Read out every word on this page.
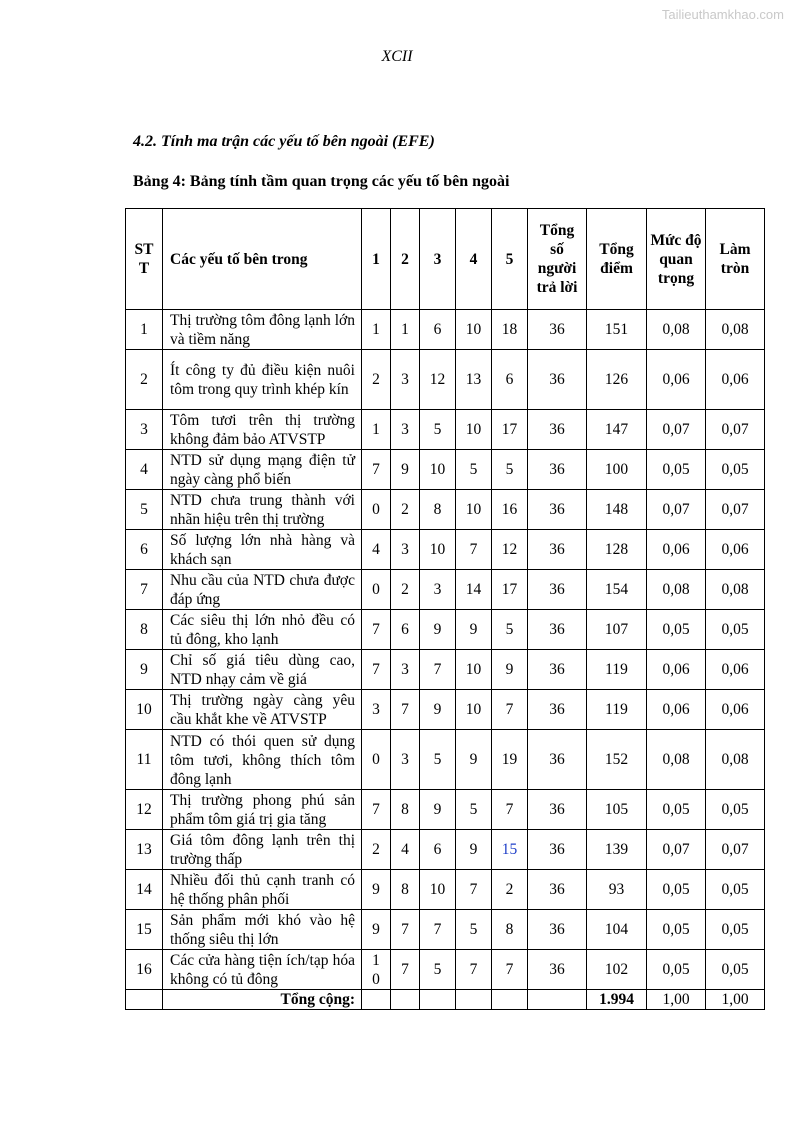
Tailieuthamkhao.com
XCII
4.2. Tính ma trận các yếu tố bên ngoài (EFE)
Bảng 4: Bảng tính tầm quan trọng các yếu tố bên ngoài
ST T	Các yếu tố bên trong	1	2	3	4	5	Tổng số người trả lời	Tổng điểm	Mức độ quan trọng	Làm tròn
1	Thị trường tôm đông lạnh lớn và tiềm năng	1	1	6	10	18	36	151	0,08	0,08
2	Ít công ty đủ điều kiện nuôi tôm trong quy trình khép kín	2	3	12	13	6	36	126	0,06	0,06
3	Tôm tươi trên thị trường không đảm bảo ATVSTP	1	3	5	10	17	36	147	0,07	0,07
4	NTD sử dụng mạng điện tử ngày càng phổ biến	7	9	10	5	5	36	100	0,05	0,05
5	NTD chưa trung thành với nhãn hiệu trên thị trường	0	2	8	10	16	36	148	0,07	0,07
6	Số lượng lớn nhà hàng và khách sạn	4	3	10	7	12	36	128	0,06	0,06
7	Nhu cầu của NTD chưa được đáp ứng	0	2	3	14	17	36	154	0,08	0,08
8	Các siêu thị lớn nhỏ đều có tủ đông, kho lạnh	7	6	9	9	5	36	107	0,05	0,05
9	Chỉ số giá tiêu dùng cao, NTD nhạy cảm về giá	7	3	7	10	9	36	119	0,06	0,06
10	Thị trường ngày càng yêu cầu khắt khe về ATVSTP	3	7	9	10	7	36	119	0,06	0,06
11	NTD có thói quen sử dụng tôm tươi, không thích tôm đông lạnh	0	3	5	9	19	36	152	0,08	0,08
12	Thị trường phong phú sản phẩm tôm giá trị gia tăng	7	8	9	5	7	36	105	0,05	0,05
13	Giá tôm đông lạnh trên thị trường thấp	2	4	6	9	15	36	139	0,07	0,07
14	Nhiều đối thủ cạnh tranh có hệ thống phân phối	9	8	10	7	2	36	93	0,05	0,05
15	Sản phẩm mới khó vào hệ thống siêu thị lớn	9	7	7	5	8	36	104	0,05	0,05
16	Các cửa hàng tiện ích/tạp hóa không có tủ đông	1 0	7	5	7	7	36	102	0,05	0,05
	Tổng cộng:							1.994	1,00	1,00
